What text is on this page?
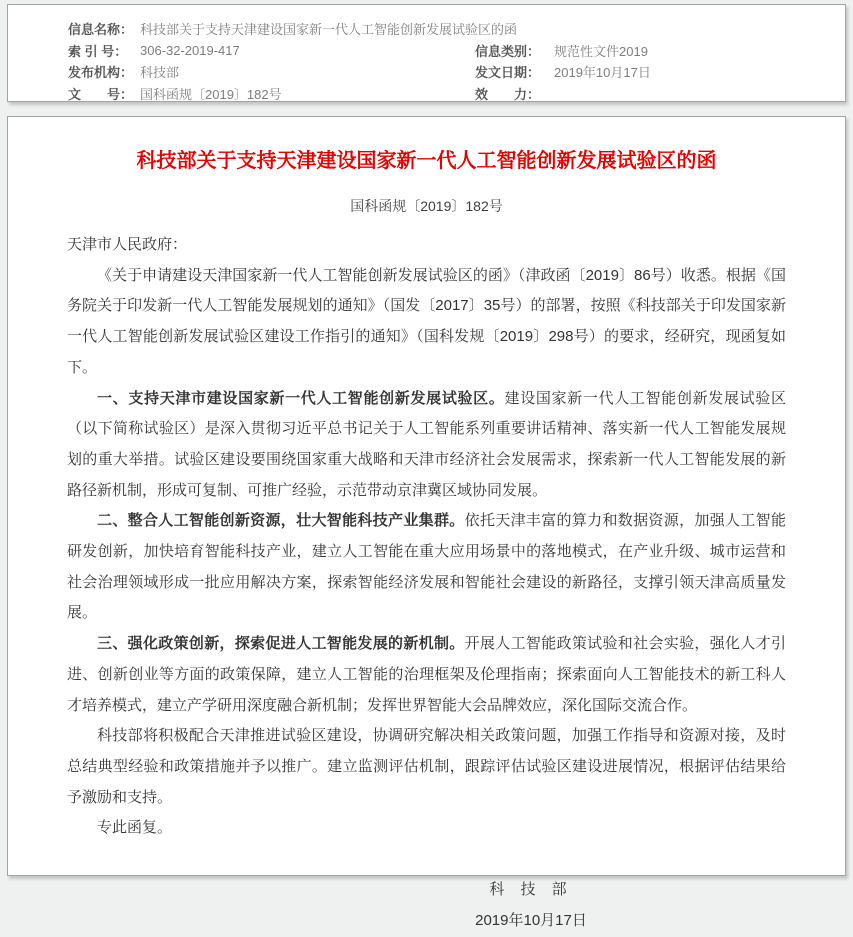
信息名称： 科技部关于支持天津建设国家新一代人工智能创新发展试验区的函
索 引 号： 306-32-2019-417	信息类别：	规范性文件2019
发布机构： 科技部	发文日期：	2019年10月17日
文　　号： 国科函规〔2019〕182号	效　　力：
科技部关于支持天津建设国家新一代人工智能创新发展试验区的函
国科函规〔2019〕182号

天津市人民政府：

《关于申请建设天津国家新一代人工智能创新发展试验区的函》（津政函〔2019〕86号）收悉。根据《国务院关于印发新一代人工智能发展规划的通知》（国发〔2017〕35号）的部署，按照《科技部关于印发国家新一代人工智能创新发展试验区建设工作指引的通知》（国科发规〔2019〕298号）的要求，经研究，现函复如下。

一、支持天津市建设国家新一代人工智能创新发展试验区。建设国家新一代人工智能创新发展试验区（以下简称试验区）是深入贯彻习近平总书记关于人工智能系列重要讲话精神、落实新一代人工智能发展规划的重大举措。试验区建设要围绕国家重大战略和天津市经济社会发展需求，探索新一代人工智能发展的新路径新机制，形成可复制、可推广经验，示范带动京津冀区域协同发展。

二、整合人工智能创新资源，壮大智能科技产业集群。依托天津丰富的算力和数据资源，加强人工智能研发创新，加快培育智能科技产业，建立人工智能在重大应用场景中的落地模式，在产业升级、城市运营和社会治理领域形成一批应用解决方案，探索智能经济发展和智能社会建设的新路径，支撑引领天津高质量发展。

三、强化政策创新，探索促进人工智能发展的新机制。开展人工智能政策试验和社会实验，强化人才引进、创新创业等方面的政策保障，建立人工智能的治理框架及伦理指南；探索面向人工智能技术的新工科人才培养模式，建立产学研用深度融合新机制；发挥世界智能大会品牌效应，深化国际交流合作。

科技部将积极配合天津推进试验区建设，协调研究解决相关政策问题，加强工作指导和资源对接，及时总结典型经验和政策措施并予以推广。建立监测评估机制，跟踪评估试验区建设进展情况，根据评估结果给予激励和支持。

专此函复。

科 技 部
2019年10月17日
